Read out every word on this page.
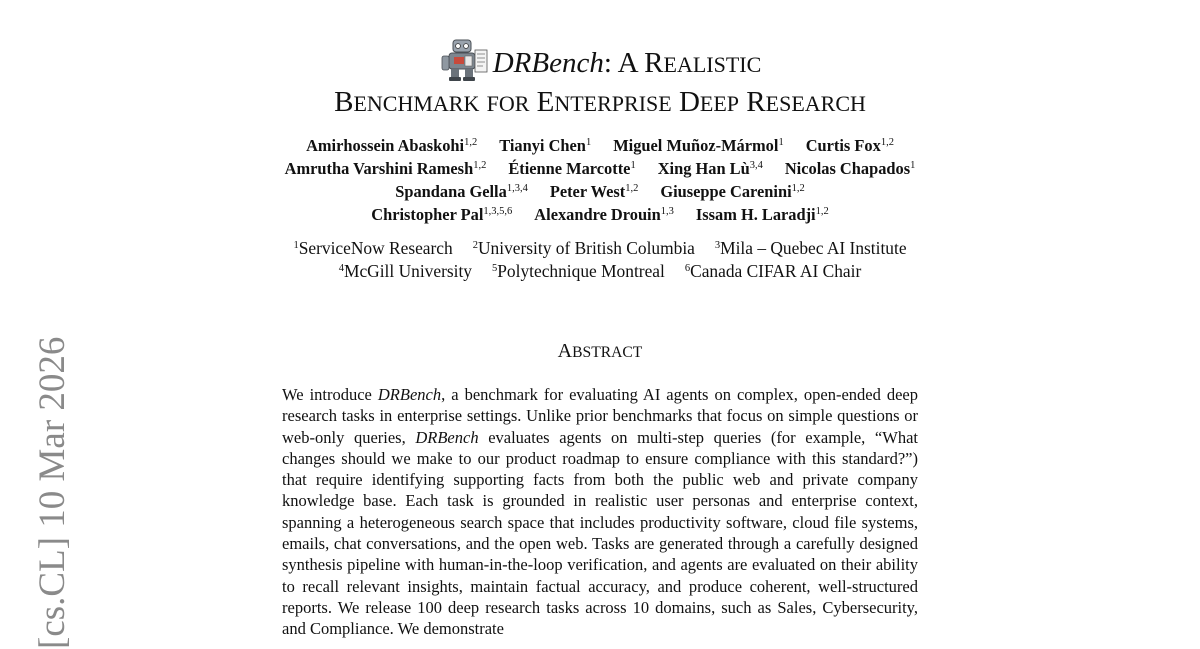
[cs.CL] 10 Mar 2026
DRBench: A REALISTIC
BENCHMARK FOR ENTERPRISE DEEP RESEARCH
Amirhossein Abaskohi$^{1,2}$ Tianyi Chen$^1$ Miguel Muñoz-Mármol$^1$ Curtis Fox$^{1,2}$
Amrutha Varshini Ramesh$^{1,2}$ Étienne Marcotte$^1$ Xing Han Lù$^{3,4}$ Nicolas Chapados$^1$
Spandana Gella$^{1,3,4}$ Peter West$^{1,2}$ Giuseppe Carenini$^{1,2}$
Christopher Pal$^{1,3,5,6}$ Alexandre Drouin$^{1,3}$ Issam H. Laradji$^{1,2}$
$^1$ServiceNow Research $^2$University of British Columbia $^3$Mila – Quebec AI Institute
$^4$McGill University $^5$Polytechnique Montreal $^6$Canada CIFAR AI Chair
ABSTRACT

We introduce DRBench, a benchmark for evaluating AI agents on complex, open-ended deep research tasks in enterprise settings. Unlike prior benchmarks that focus on simple questions or web-only queries, DRBench evaluates agents on multi-step queries (for example, “What changes should we make to our product roadmap to ensure compliance with this standard?”) that require identifying supporting facts from both the public web and private company knowledge base. Each task is grounded in realistic user personas and enterprise context, spanning a heterogeneous search space that includes productivity software, cloud file systems, emails, chat conversations, and the open web. Tasks are generated through a carefully designed synthesis pipeline with human-in-the-loop verification, and agents are evaluated on their ability to recall relevant insights, maintain factual accuracy, and produce coherent, well-structured reports. We release 100 deep research tasks across 10 domains, such as Sales, Cybersecurity, and Compliance. We demonstrate
